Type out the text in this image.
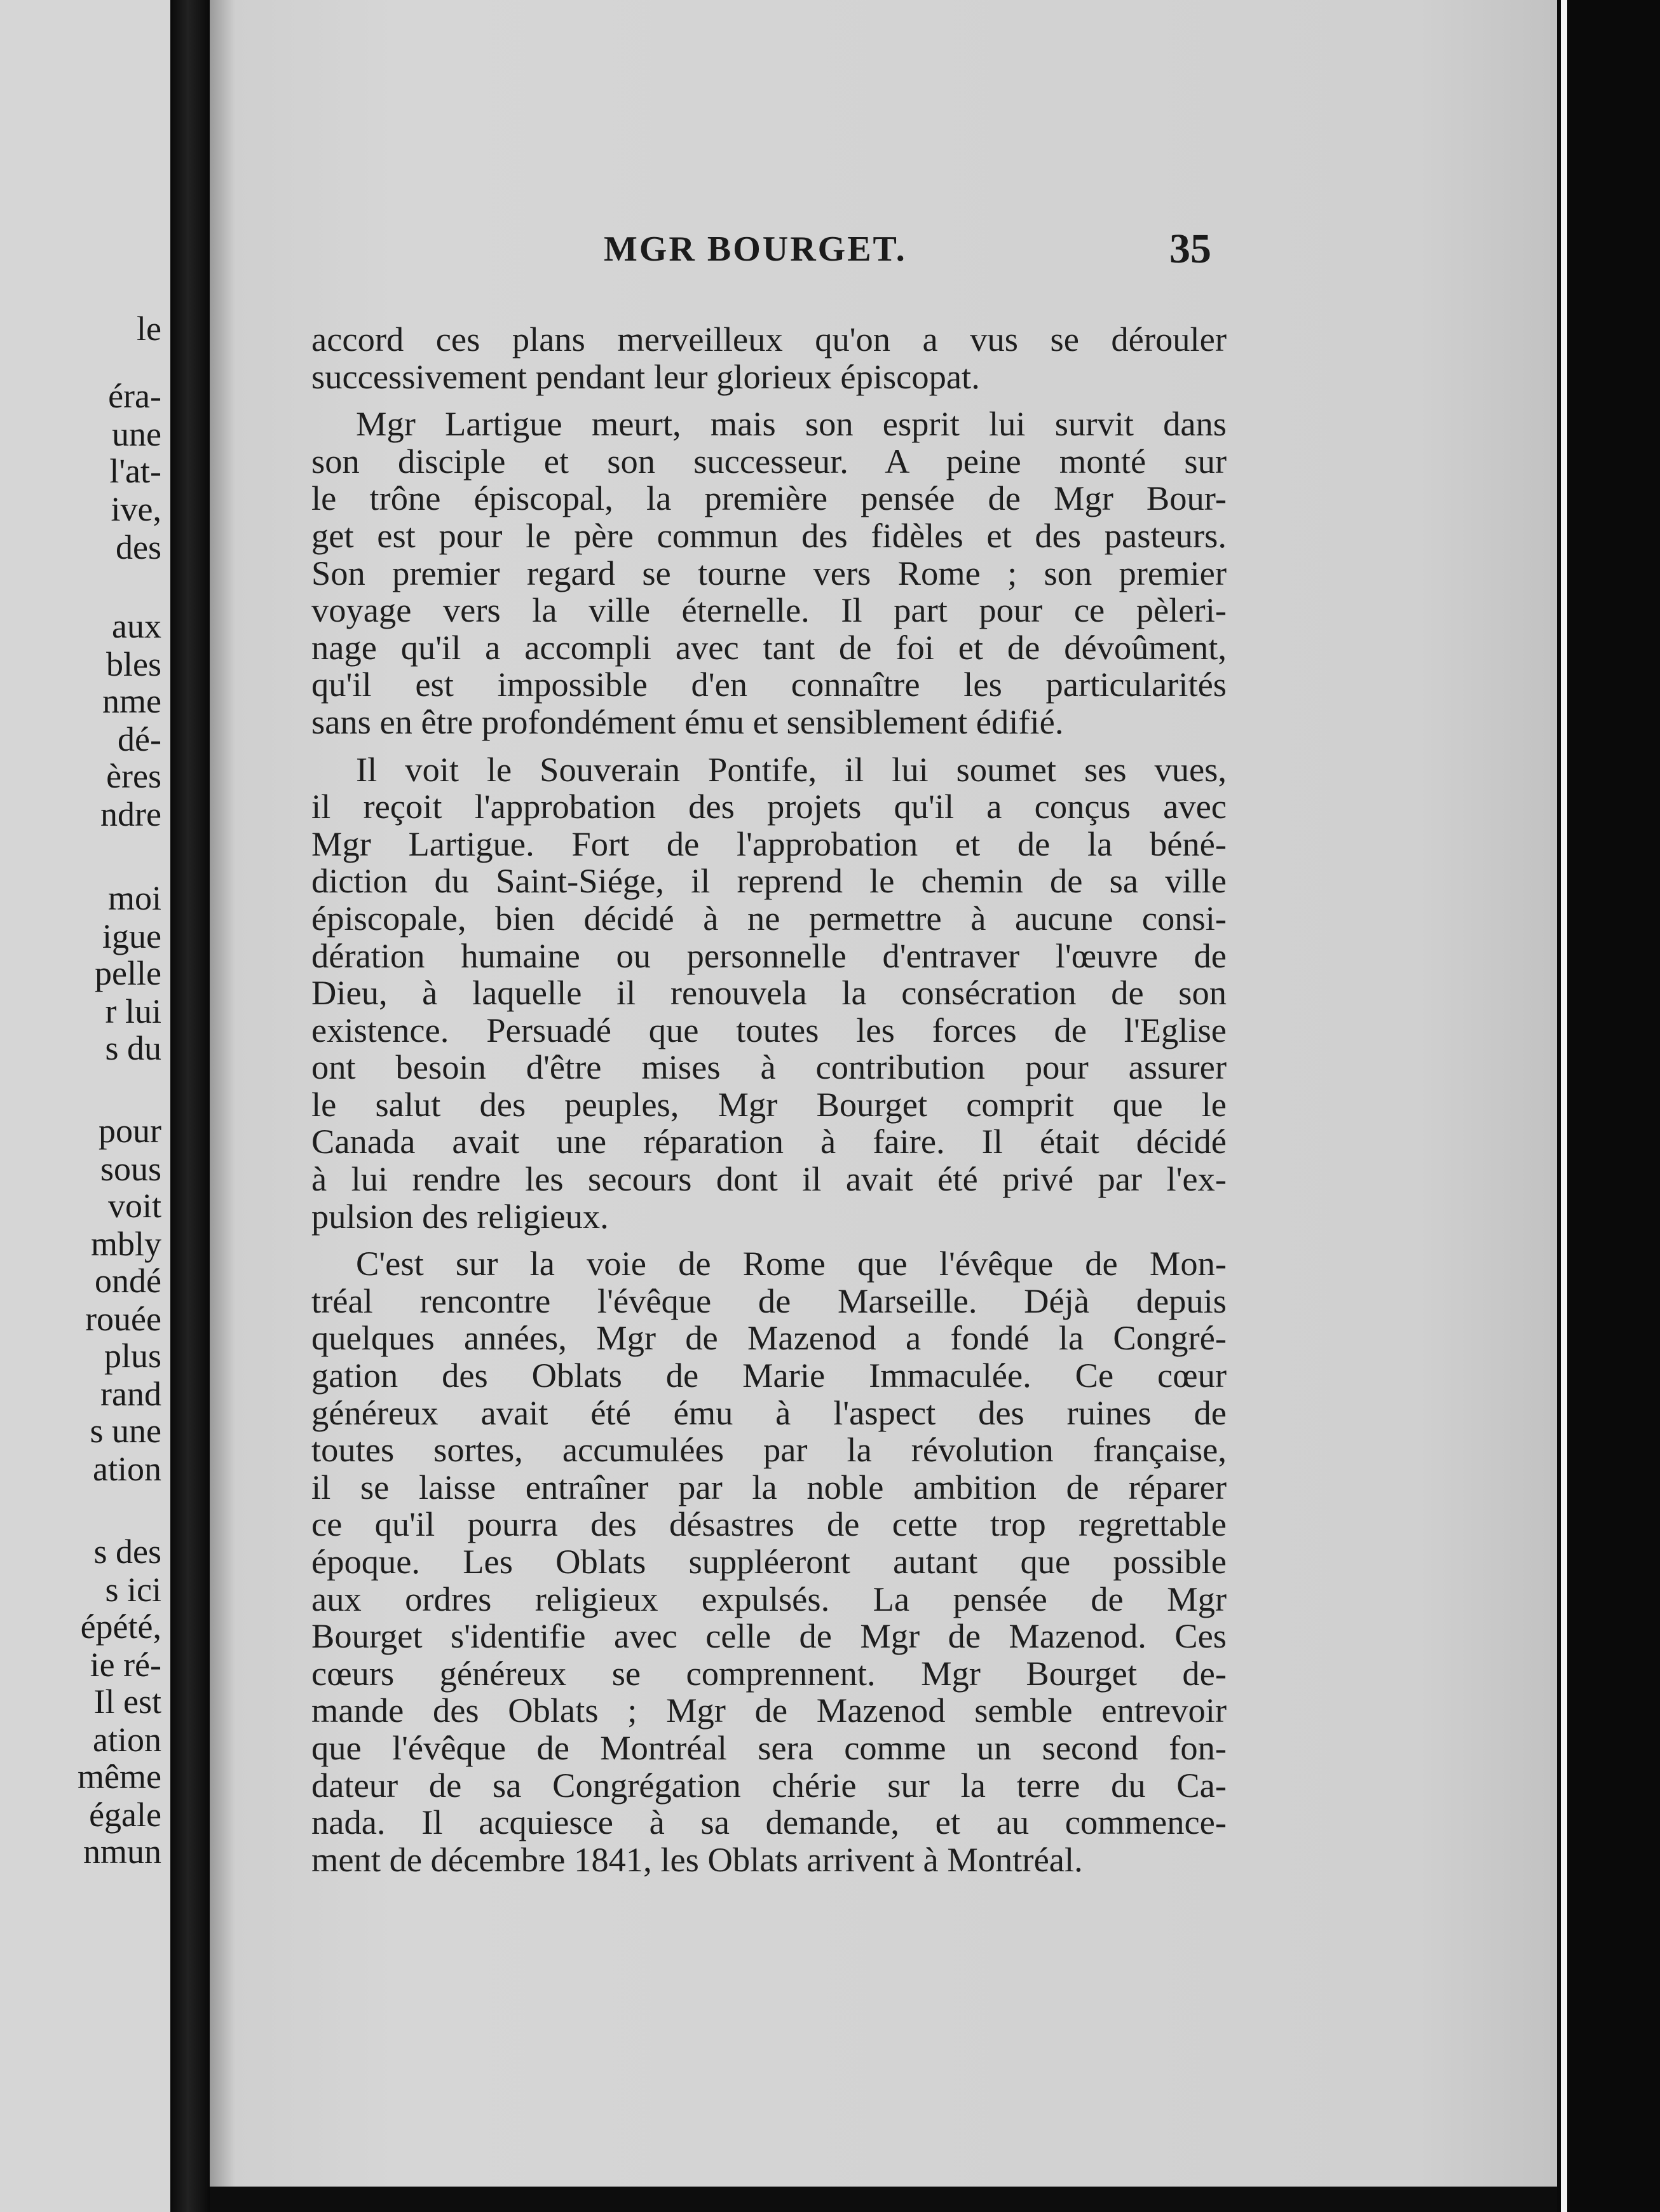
le
éra-
une
l'at-
ive,
des
aux
bles
nme
dé-
ères
ndre
moi
igue
pelle
r lui
s du
pour
sous
voit
mbly
ondé
rouée
plus
rand
s une
ation
s des
s ici
épété,
ie ré-
Il est
ation
même
égale
nmun
MGR BOURGET.	35
accord ces plans merveilleux qu'on a vus se dérouler
successivement pendant leur glorieux épiscopat.
Mgr Lartigue meurt, mais son esprit lui survit dans
son disciple et son successeur. A peine monté sur
le trône épiscopal, la première pensée de Mgr Bour-
get est pour le père commun des fidèles et des pasteurs.
Son premier regard se tourne vers Rome ; son premier
voyage vers la ville éternelle. Il part pour ce pèleri-
nage qu'il a accompli avec tant de foi et de dévoûment,
qu'il est impossible d'en connaître les particularités
sans en être profondément ému et sensiblement édifié.
Il voit le Souverain Pontife, il lui soumet ses vues,
il reçoit l'approbation des projets qu'il a conçus avec
Mgr Lartigue. Fort de l'approbation et de la béné-
diction du Saint-Siége, il reprend le chemin de sa ville
épiscopale, bien décidé à ne permettre à aucune consi-
dération humaine ou personnelle d'entraver l'œuvre de
Dieu, à laquelle il renouvela la consécration de son
existence. Persuadé que toutes les forces de l'Eglise
ont besoin d'être mises à contribution pour assurer
le salut des peuples, Mgr Bourget comprit que le
Canada avait une réparation à faire. Il était décidé
à lui rendre les secours dont il avait été privé par l'ex-
pulsion des religieux.
C'est sur la voie de Rome que l'évêque de Mon-
tréal rencontre l'évêque de Marseille. Déjà depuis
quelques années, Mgr de Mazenod a fondé la Congré-
gation des Oblats de Marie Immaculée. Ce cœur
généreux avait été ému à l'aspect des ruines de
toutes sortes, accumulées par la révolution française,
il se laisse entraîner par la noble ambition de réparer
ce qu'il pourra des désastres de cette trop regrettable
époque. Les Oblats suppléeront autant que possible
aux ordres religieux expulsés. La pensée de Mgr
Bourget s'identifie avec celle de Mgr de Mazenod. Ces
cœurs généreux se comprennent. Mgr Bourget de-
mande des Oblats ; Mgr de Mazenod semble entrevoir
que l'évêque de Montréal sera comme un second fon-
dateur de sa Congrégation chérie sur la terre du Ca-
nada. Il acquiesce à sa demande, et au commence-
ment de décembre 1841, les Oblats arrivent à Montréal.
